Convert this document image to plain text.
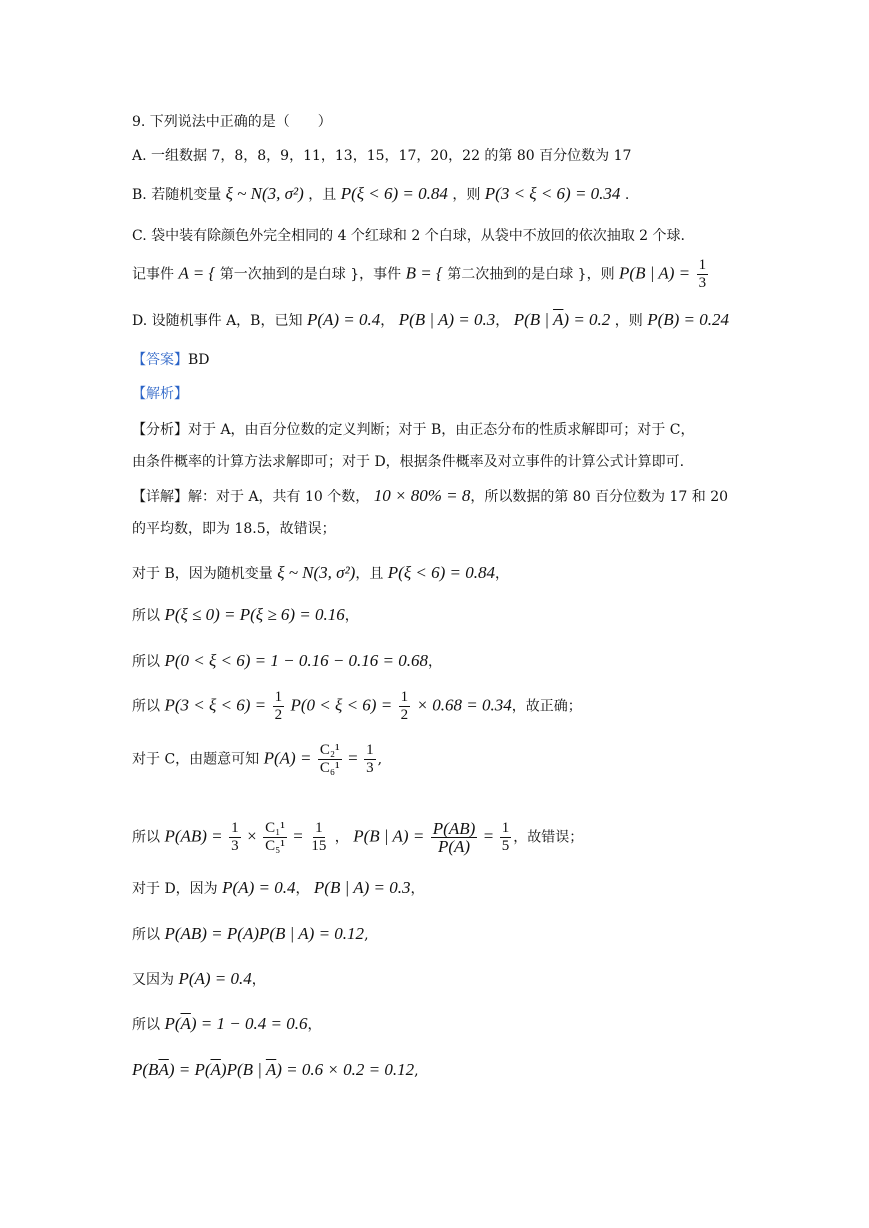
9. 下列说法中正确的是（　　）
A. 一组数据 7，8，8，9，11，13，15，17，20，22 的第 80 百分位数为 17
B. 若随机变量 ξ ~ N(3, σ²) ，且 P(ξ < 6) = 0.84 ，则 P(3 < ξ < 6) = 0.34 .
C. 袋中装有除颜色外完全相同的 4 个红球和 2 个白球，从袋中不放回的依次抽取 2 个球.
记事件 A = { 第一次抽到的是白球 }，事件 B = { 第二次抽到的是白球 }，则 P(B | $A) = \frac{1}{3}$
D. 设随机事件 A，B，已知 P(A) = 0.4， P(B | A) = 0.3， P(B | $\overline{A}) = 0.2$ ，则 P(B) = 0.24
【答案】BD
【解析】
【分析】对于 A，由百分位数的定义判断；对于 B，由正态分布的性质求解即可；对于 C，
由条件概率的计算方法求解即可；对于 D，根据条件概率及对立事件的计算公式计算即可.
【详解】解：对于 A，共有 10 个数， 10 × 80% = 8，所以数据的第 80 百分位数为 17 和 20
的平均数，即为 18.5，故错误；
对于 B，因为随机变量 ξ ~ N(3, σ²)，且 P(ξ < 6) = 0.84，
所以 P(ξ ≤ 0) = P(ξ ≥ 6) = 0.16，
所以 P(0 < ξ < 6) = 1 − 0.16 − 0.16 = 0.68，
所以 $P(3 < \xi < 6) = \frac{1}{2} P(0 < \xi < 6) = \frac{1}{2} \times 0.68 = 0.34$，故正确；
对于 C，由题意可知 $P(A) = \frac{\text{C₂¹}}{\text{C₆¹}} = \frac{1}{3}$ ,
所以 $P(AB) = \frac{1}{3} \times \frac{\text{C₁¹}}{\text{C₅¹}} = \frac{1}{15}$ ， P(B | $A) = \frac{P(AB)}{P(A)} = \frac{1}{5}$ ，故错误；
对于 D，因为 P(A) = 0.4， P(B | A) = 0.3，
所以 P(AB) = P(A)P(B | A) = 0.12,
又因为 P(A) = 0.4，
所以 $P(\overline{A}) = 1 - 0.4 = 0.6$，
$P(B\overline{A}) = P(\overline{A})P(B$ | $\overline{A}) = 0.6 \times 0.2 = 0.12$,
